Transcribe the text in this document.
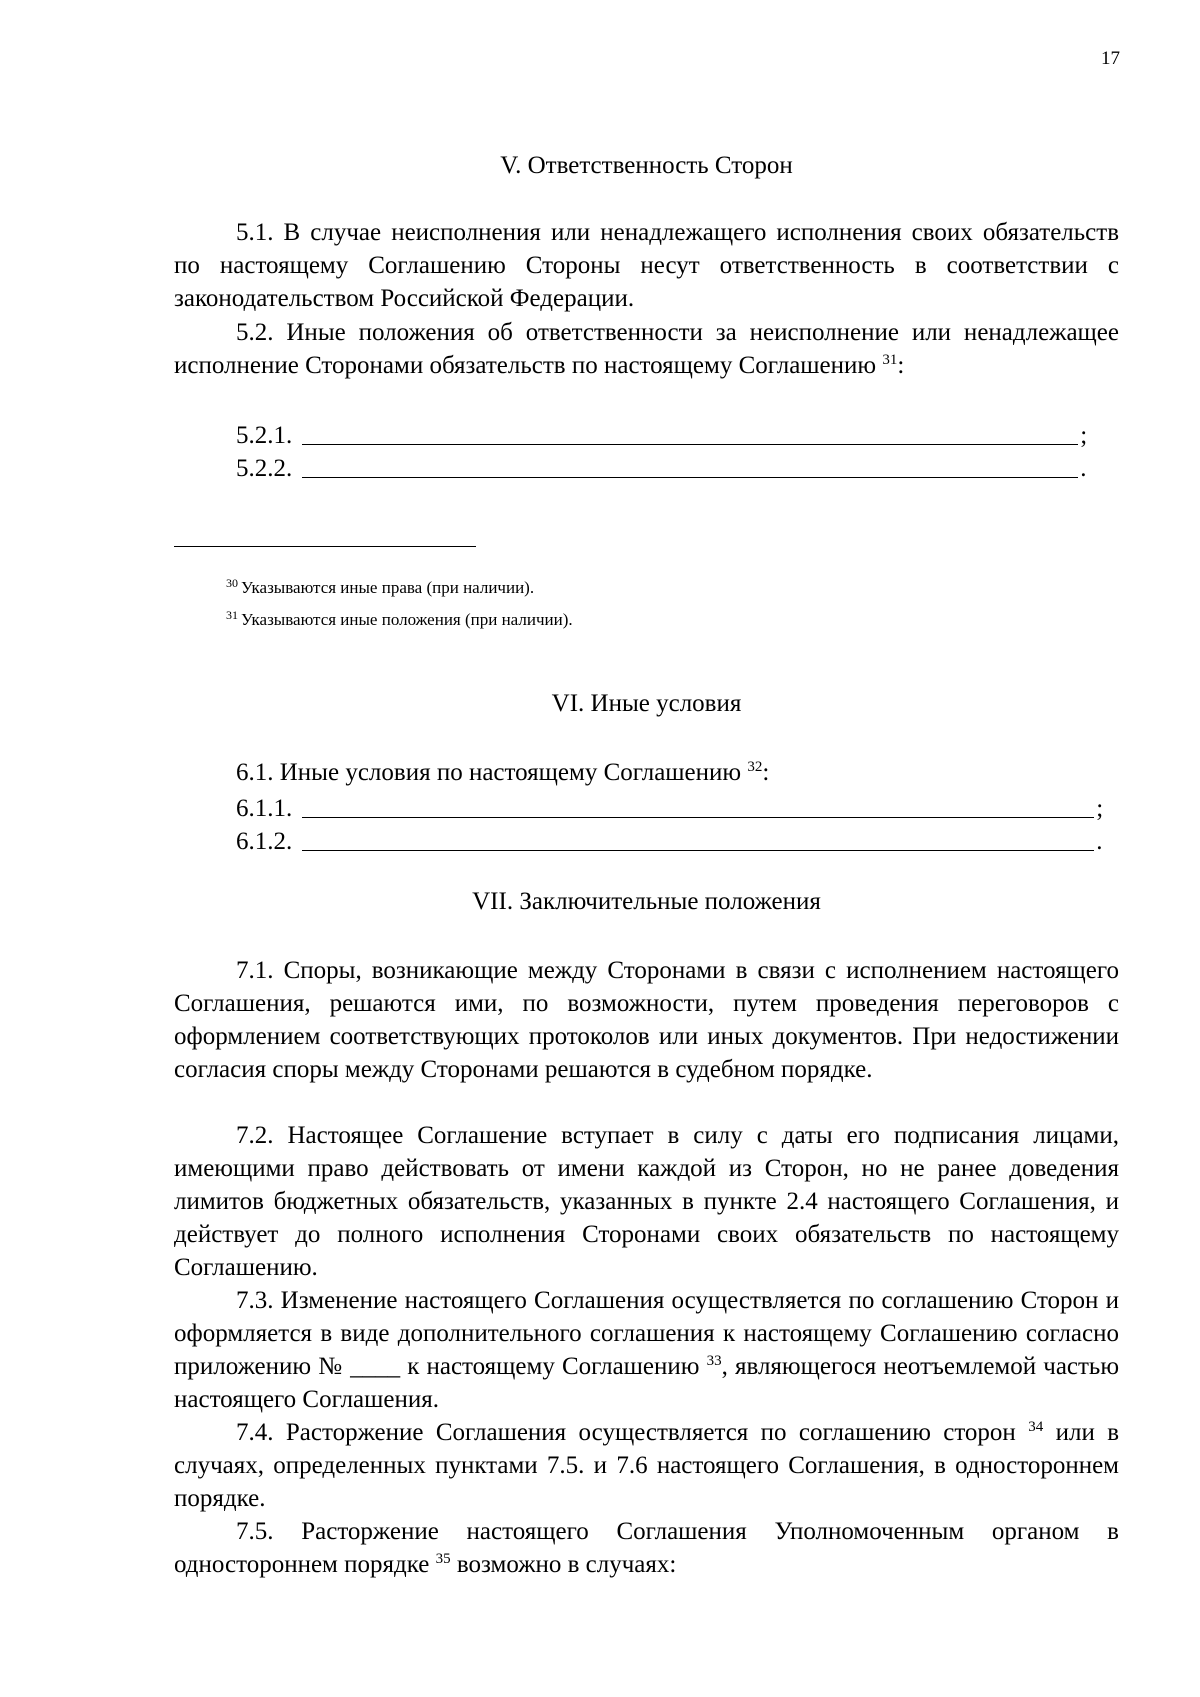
17
V. Ответственность Сторон

5.1. В случае неисполнения или ненадлежащего исполнения своих обязательств по настоящему Соглашению Стороны несут ответственность в соответствии с законодательством Российской Федерации.

5.2. Иные положения об ответственности за неисполнение или ненадлежащее исполнение Сторонами обязательств по настоящему Соглашению $^{31}$:

5.2.1.	;
5.2.2.	.
$^{30}$ Указываются иные права (при наличии).
$^{31}$ Указываются иные положения (при наличии).
VI. Иные условия

6.1. Иные условия по настоящему Соглашению $^{32}$:

6.1.1.	;
6.1.2.	.
VII. Заключительные положения

7.1. Споры, возникающие между Сторонами в связи с исполнением настоящего Соглашения, решаются ими, по возможности, путем проведения переговоров с оформлением соответствующих протоколов или иных документов. При недостижении согласия споры между Сторонами решаются в судебном порядке.

7.2. Настоящее Соглашение вступает в силу с даты его подписания лицами, имеющими право действовать от имени каждой из Сторон, но не ранее доведения лимитов бюджетных обязательств, указанных в пункте 2.4 настоящего Соглашения, и действует до полного исполнения Сторонами своих обязательств по настоящему Соглашению.

7.3. Изменение настоящего Соглашения осуществляется по соглашению Сторон и оформляется в виде дополнительного соглашения к настоящему Соглашению согласно приложению № ____ к настоящему Соглашению $^{33}$, являющегося неотъемлемой частью настоящего Соглашения.

7.4. Расторжение Соглашения осуществляется по соглашению сторон $^{34}$ или в случаях, определенных пунктами 7.5. и 7.6 настоящего Соглашения, в одностороннем порядке.

7.5. Расторжение настоящего Соглашения Уполномоченным органом в одностороннем порядке $^{35}$ возможно в случаях:
